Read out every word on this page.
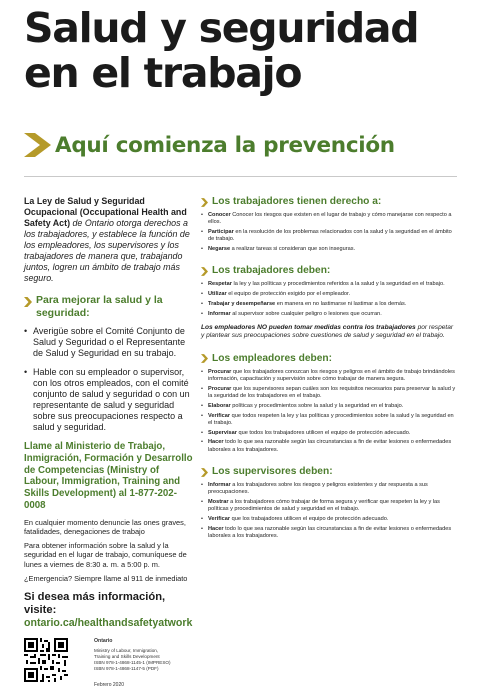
Salud y seguridad
en el trabajo
Aquí comienza la prevención

La Ley de Salud y Seguridad Ocupacional (Occupational Health and Safety Act) de Ontario otorga derechos a los trabajadores, y establece la función de los empleadores, los supervisores y los trabajadores de manera que, trabajando juntos, logren un ámbito de trabajo más seguro.

Para mejorar la salud y la seguridad:
• Averigüe sobre el Comité Conjunto de Salud y Seguridad o el Representante de Salud y Seguridad en su trabajo.
• Hable con su empleador o supervisor, con los otros empleados, con el comité conjunto de salud y seguridad o con un representante de salud y seguridad sobre sus preocupaciones respecto a salud y seguridad.
Llame al Ministerio de Trabajo, Inmigración, Formación y Desarrollo de Competencias (Ministry of Labour, Immigration, Training and Skills Development) al 1-877-202-0008

En cualquier momento denuncie las ones graves, fatalidades, denegaciones de trabajo

Para obtener información sobre la salud y la seguridad en el lugar de trabajo, comuníquese de lunes a viernes de 8:30 a. m. a 5:00 p. m.

¿Emergencia? Siempre llame al 911 de inmediato

Si desea más información, visite:

ontario.ca/healthandsafetyatwork

Ontario
Ministry of Labour, Immigration,
Training and Skills Development
ISBN 978-1-4868-1145-1 (IMPRESO)
ISBN 978-1-4868-1147-5 (PDF)
Febrero 2020
Los trabajadores tienen derecho a:
• Conocer Conocer los riesgos que existen en el lugar de trabajo y cómo manejarse con respecto a ellos.
• Participar en la resolución de los problemas relacionados con la salud y la seguridad en el ámbito de trabajo.
• Negarse a realizar tareas si consideran que son inseguras.
Los trabajadores deben:
• Respetar la ley y las políticas y procedimientos referidos a la salud y la seguridad en el trabajo.
• Utilizar el equipo de protección exigido por el empleador.
• Trabajar y desempeñarse en manera en no lastimarse ni lastimar a los demás.
• Informar al supervisor sobre cualquier peligro o lesiones que ocurran.

Los empleadores NO pueden tomar medidas contra los trabajadores por respetar y plantear sus preocupaciones sobre cuestiones de salud y seguridad en el trabajo.

Los empleadores deben:
• Procurar que los trabajadores conozcan los riesgos y peligros en el ámbito de trabajo brindándoles información, capacitación y supervisión sobre cómo trabajar de manera segura.
• Procurar que los supervisores sepan cuáles son los requisitos necesarios para preservar la salud y la seguridad de los trabajadores en el trabajo.
• Elaborar políticas y procedimientos sobre la salud y la seguridad en el trabajo.
• Verificar que todos respeten la ley y las políticas y procedimientos sobre la salud y la seguridad en el trabajo.
• Supervisar que todos los trabajadores utilicen el equipo de protección adecuado.
• Hacer todo lo que sea razonable según las circunstancias a fin de evitar lesiones o enfermedades laborales a los trabajadores.
Los supervisores deben:
• Informar a los trabajadores sobre los riesgos y peligros existentes y dar respuesta a sus preocupaciones.
• Mostrar a los trabajadores cómo trabajar de forma segura y verificar que respeten la ley y las políticas y procedimientos de salud y seguridad en el trabajo.
• Verificar que los trabajadores utilicen el equipo de protección adecuado.
• Hacer todo lo que sea razonable según las circunstancias a fin de evitar lesiones o enfermedades laborales a los trabajadores.
